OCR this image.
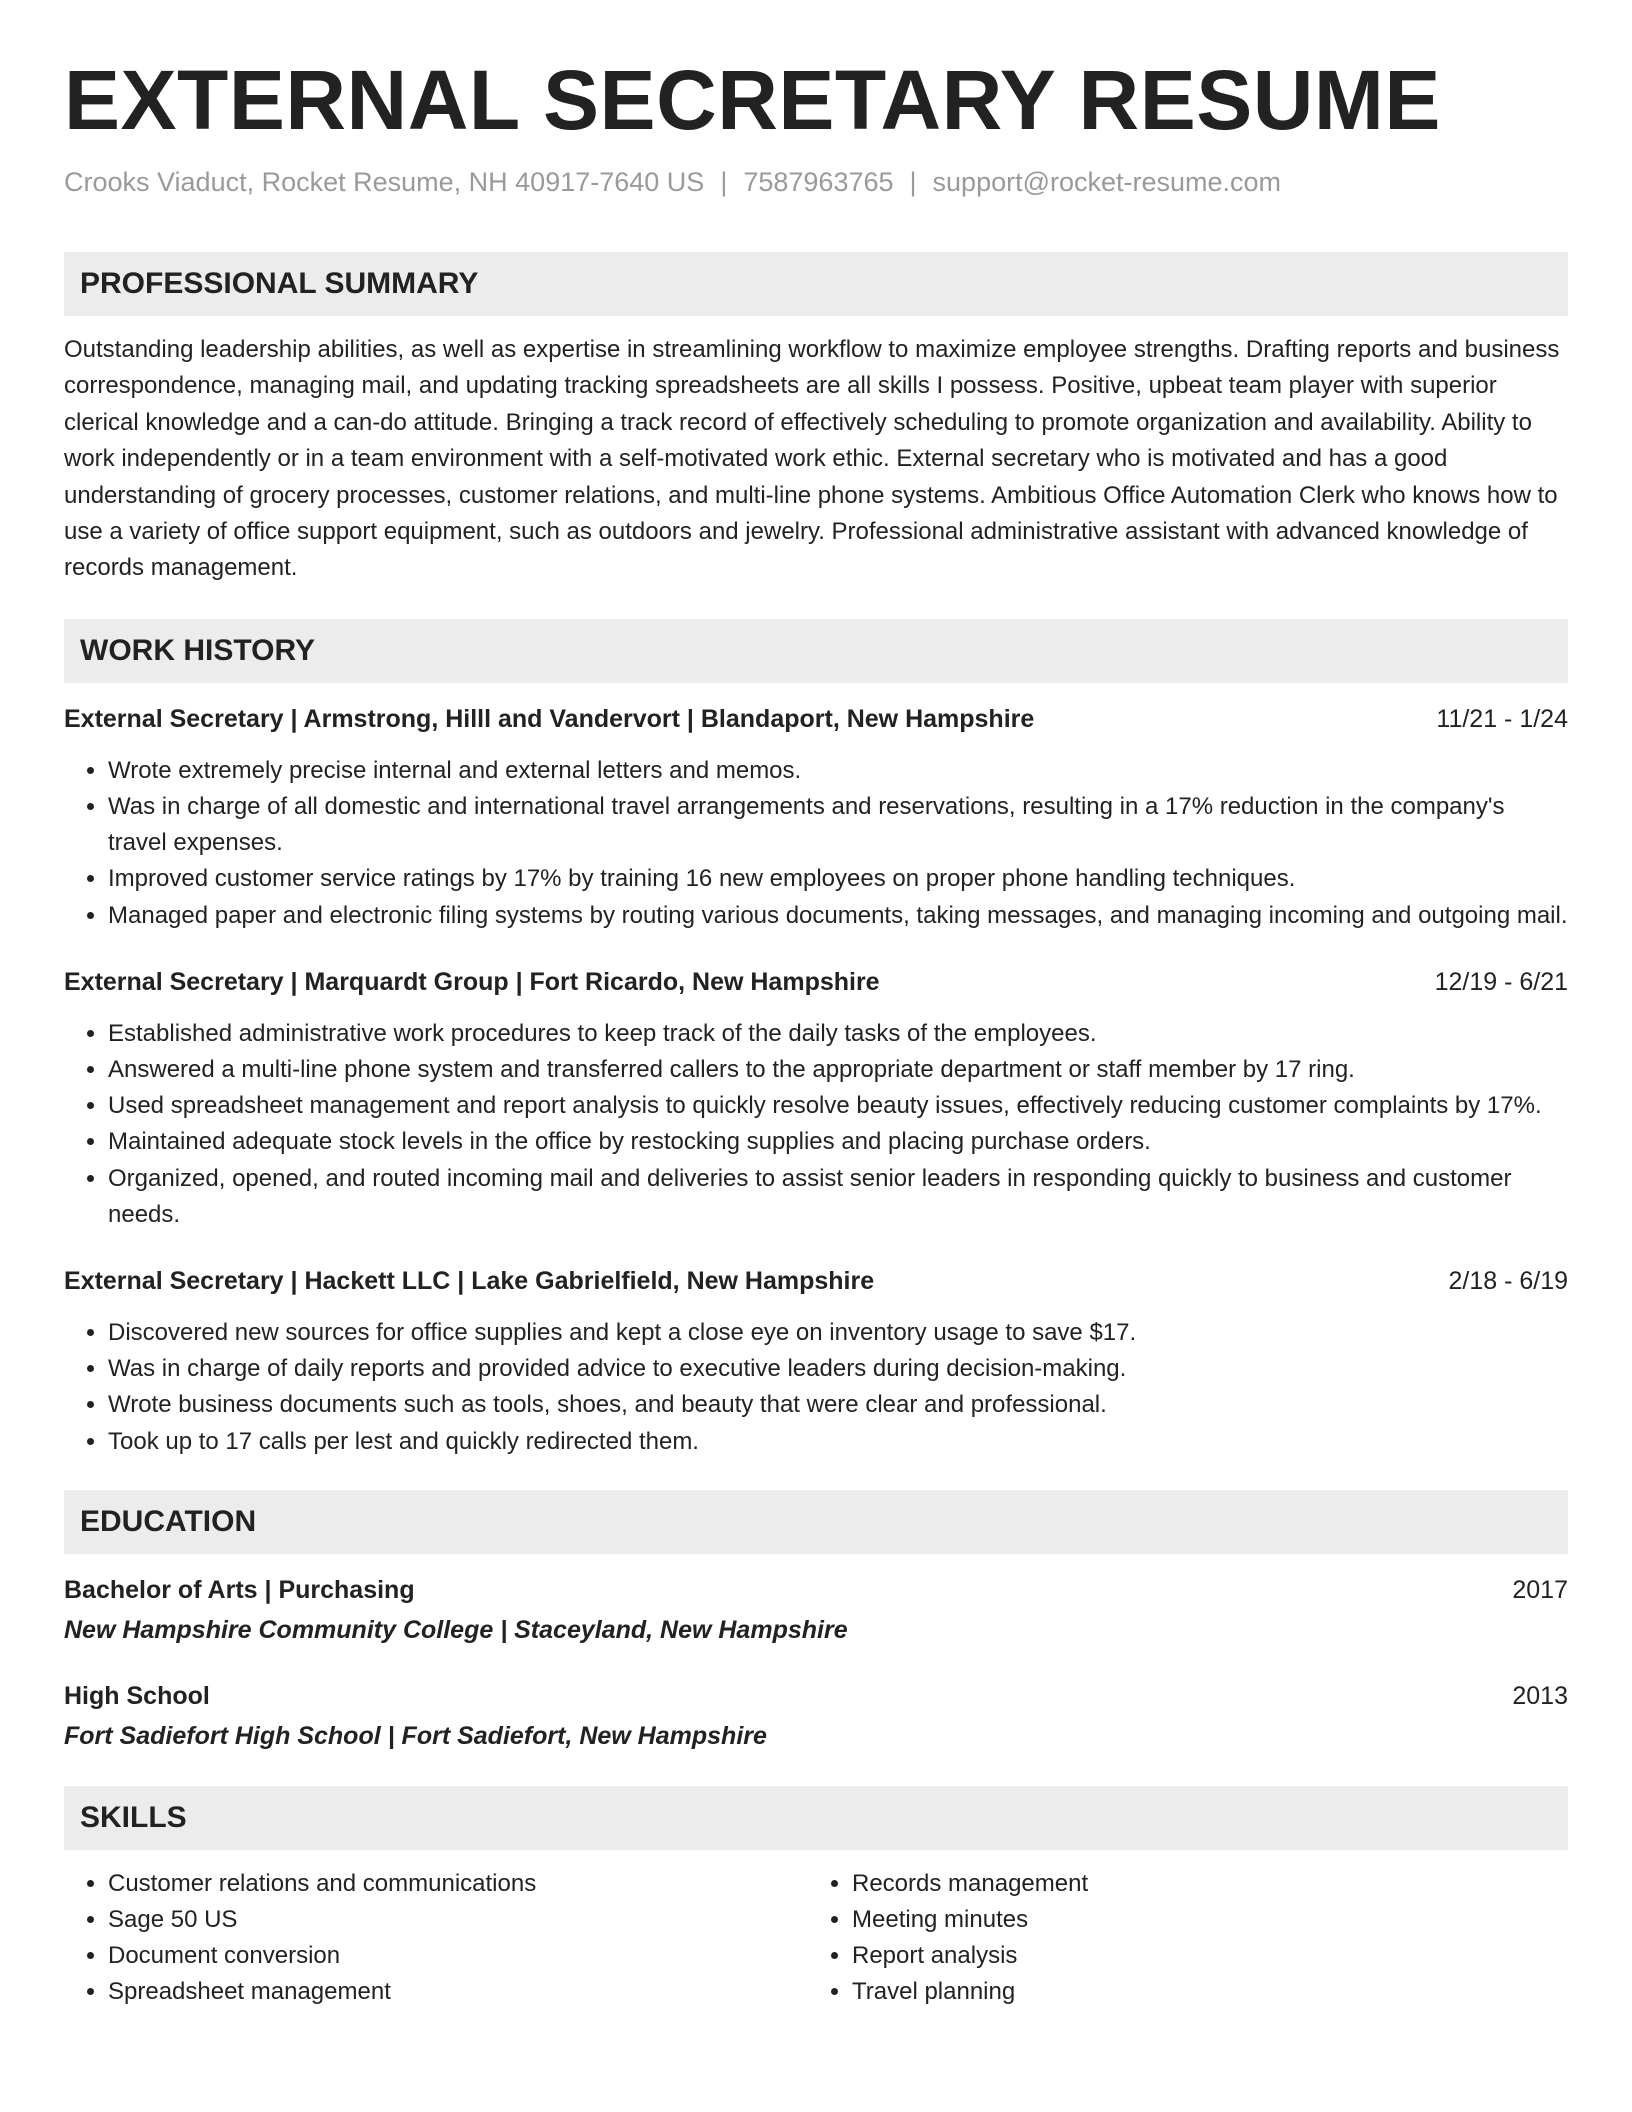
EXTERNAL SECRETARY RESUME
Crooks Viaduct, Rocket Resume, NH 40917-7640 US | 7587963765 | support@rocket-resume.com
PROFESSIONAL SUMMARY

Outstanding leadership abilities, as well as expertise in streamlining workflow to maximize employee strengths. Drafting reports and business correspondence, managing mail, and updating tracking spreadsheets are all skills I possess. Positive, upbeat team player with superior clerical knowledge and a can-do attitude. Bringing a track record of effectively scheduling to promote organization and availability. Ability to work independently or in a team environment with a self-motivated work ethic. External secretary who is motivated and has a good understanding of grocery processes, customer relations, and multi-line phone systems. Ambitious Office Automation Clerk who knows how to use a variety of office support equipment, such as outdoors and jewelry. Professional administrative assistant with advanced knowledge of records management.

WORK HISTORY
External Secretary | Armstrong, Hilll and Vandervort | Blandaport, New Hampshire	11/21 - 1/24
• Wrote extremely precise internal and external letters and memos.
• Was in charge of all domestic and international travel arrangements and reservations, resulting in a 17% reduction in the company's travel expenses.
• Improved customer service ratings by 17% by training 16 new employees on proper phone handling techniques.
• Managed paper and electronic filing systems by routing various documents, taking messages, and managing incoming and outgoing mail.
External Secretary | Marquardt Group | Fort Ricardo, New Hampshire	12/19 - 6/21
• Established administrative work procedures to keep track of the daily tasks of the employees.
• Answered a multi-line phone system and transferred callers to the appropriate department or staff member by 17 ring.
• Used spreadsheet management and report analysis to quickly resolve beauty issues, effectively reducing customer complaints by 17%.
• Maintained adequate stock levels in the office by restocking supplies and placing purchase orders.
• Organized, opened, and routed incoming mail and deliveries to assist senior leaders in responding quickly to business and customer needs.
External Secretary | Hackett LLC | Lake Gabrielfield, New Hampshire	2/18 - 6/19
• Discovered new sources for office supplies and kept a close eye on inventory usage to save $17.
• Was in charge of daily reports and provided advice to executive leaders during decision-making.
• Wrote business documents such as tools, shoes, and beauty that were clear and professional.
• Took up to 17 calls per lest and quickly redirected them.
EDUCATION
Bachelor of Arts | Purchasing	2017
New Hampshire Community College | Staceyland, New Hampshire
High School	2013
Fort Sadiefort High School | Fort Sadiefort, New Hampshire
SKILLS
• Customer relations and communications
• Sage 50 US
• Document conversion
• Spreadsheet management
• Records management
• Meeting minutes
• Report analysis
• Travel planning
